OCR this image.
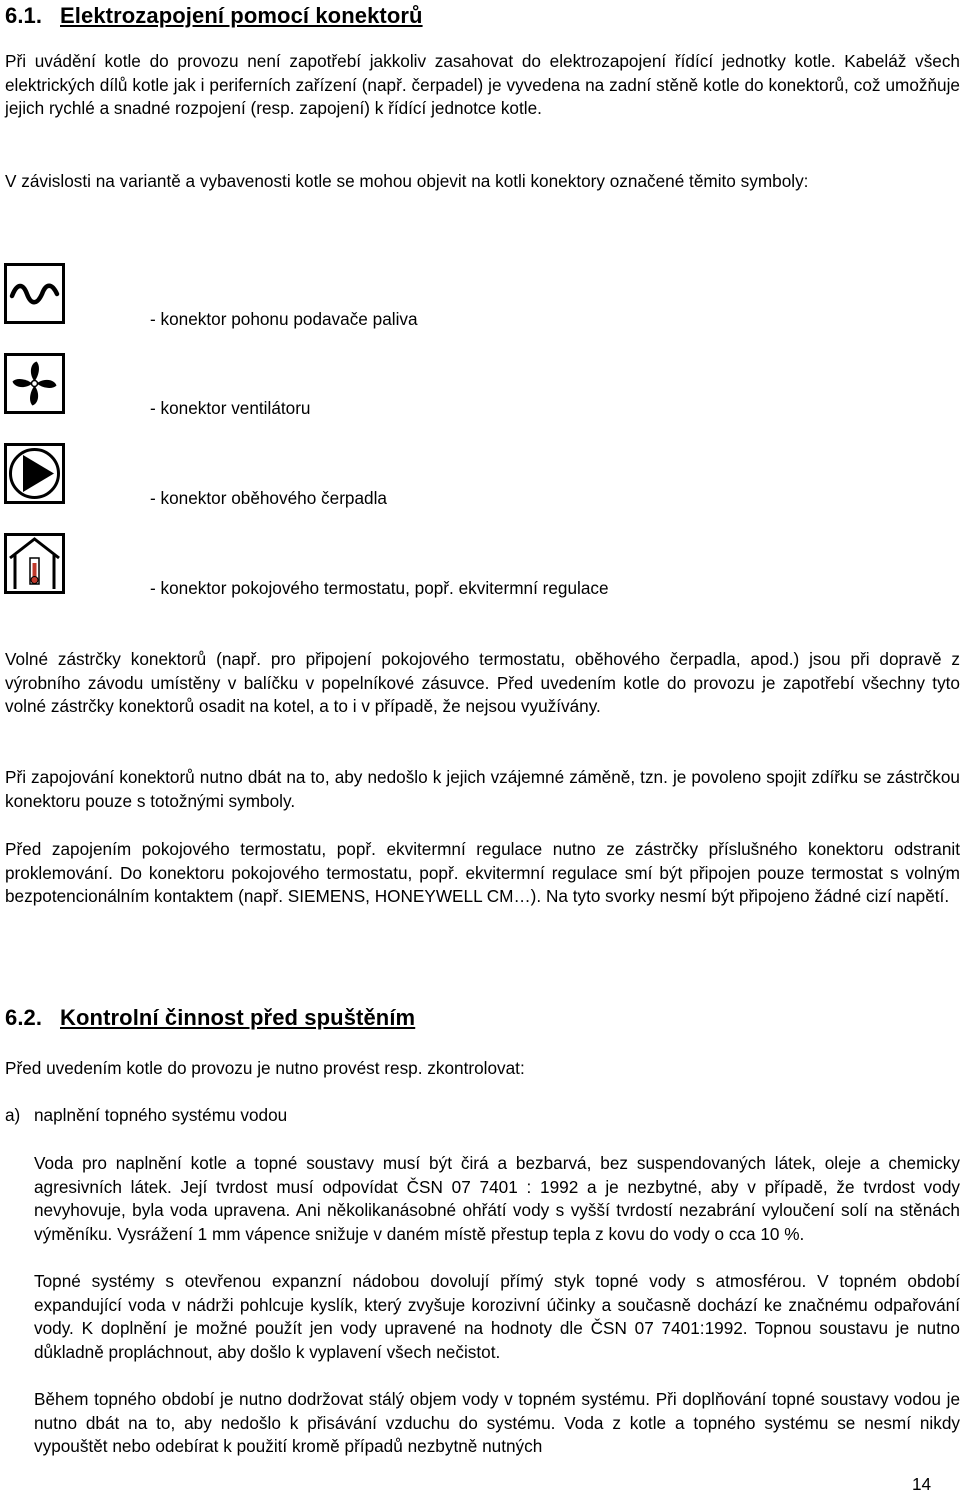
6.1. Elektrozapojení pomocí konektorů

Při uvádění kotle do provozu není zapotřebí jakkoliv zasahovat do elektrozapojení řídící jednotky kotle. Kabeláž všech elektrických dílů kotle jak i periferních zařízení (např. čerpadel) je vyvedena na zadní stěně kotle do konektorů, což umožňuje jejich rychlé a snadné rozpojení (resp. zapojení) k řídící jednotce kotle.

V závislosti na variantě a vybavenosti kotle se mohou objevit na kotli konektory označené těmito symboly:

- konektor pohonu podavače paliva
- konektor ventilátoru
- konektor oběhového čerpadla
- konektor pokojového termostatu, popř. ekvitermní regulace

Volné zástrčky konektorů (např. pro připojení pokojového termostatu, oběhového čerpadla, apod.) jsou při dopravě z výrobního závodu umístěny v balíčku v popelníkové zásuvce. Před uvedením kotle do provozu je zapotřebí všechny tyto volné zástrčky konektorů osadit na kotel, a to i v případě, že nejsou využívány.

Při zapojování konektorů nutno dbát na to, aby nedošlo k jejich vzájemné záměně, tzn. je povoleno spojit zdířku se zástrčkou konektoru pouze s totožnými symboly.

Před zapojením pokojového termostatu, popř. ekvitermní regulace nutno ze zástrčky příslušného konektoru odstranit proklemování. Do konektoru pokojového termostatu, popř. ekvitermní regulace smí být připojen pouze termostat s volným bezpotencionálním kontaktem (např. SIEMENS, HONEYWELL CM…). Na tyto svorky nesmí být připojeno žádné cizí napětí.

6.2. Kontrolní činnost před spuštěním

Před uvedením kotle do provozu je nutno provést resp. zkontrolovat:

a) naplnění topného systému vodou

Voda pro naplnění kotle a topné soustavy musí být čirá a bezbarvá, bez suspendovaných látek, oleje a chemicky agresivních látek. Její tvrdost musí odpovídat ČSN 07 7401 : 1992 a je nezbytné, aby v případě, že tvrdost vody nevyhovuje, byla voda upravena. Ani několikanásobné ohřátí vody s vyšší tvrdostí nezabrání vyloučení solí na stěnách výměníku. Vysrážení 1 mm vápence snižuje v daném místě přestup tepla z kovu do vody o cca 10 %.

Topné systémy s otevřenou expanzní nádobou dovolují přímý styk topné vody s atmosférou. V topném období expandující voda v nádrži pohlcuje kyslík, který zvyšuje korozivní účinky a současně dochází ke značnému odpařování vody. K doplnění je možné použít jen vody upravené na hodnoty dle ČSN 07 7401:1992. Topnou soustavu je nutno důkladně propláchnout, aby došlo k vyplavení všech nečistot.

Během topného období je nutno dodržovat stálý objem vody v topném systému. Při doplňování topné soustavy vodou je nutno dbát na to, aby nedošlo k přisávání vzduchu do systému. Voda z kotle a topného systému se nesmí nikdy vypouštět nebo odebírat k použití kromě případů nezbytně nutných

14
